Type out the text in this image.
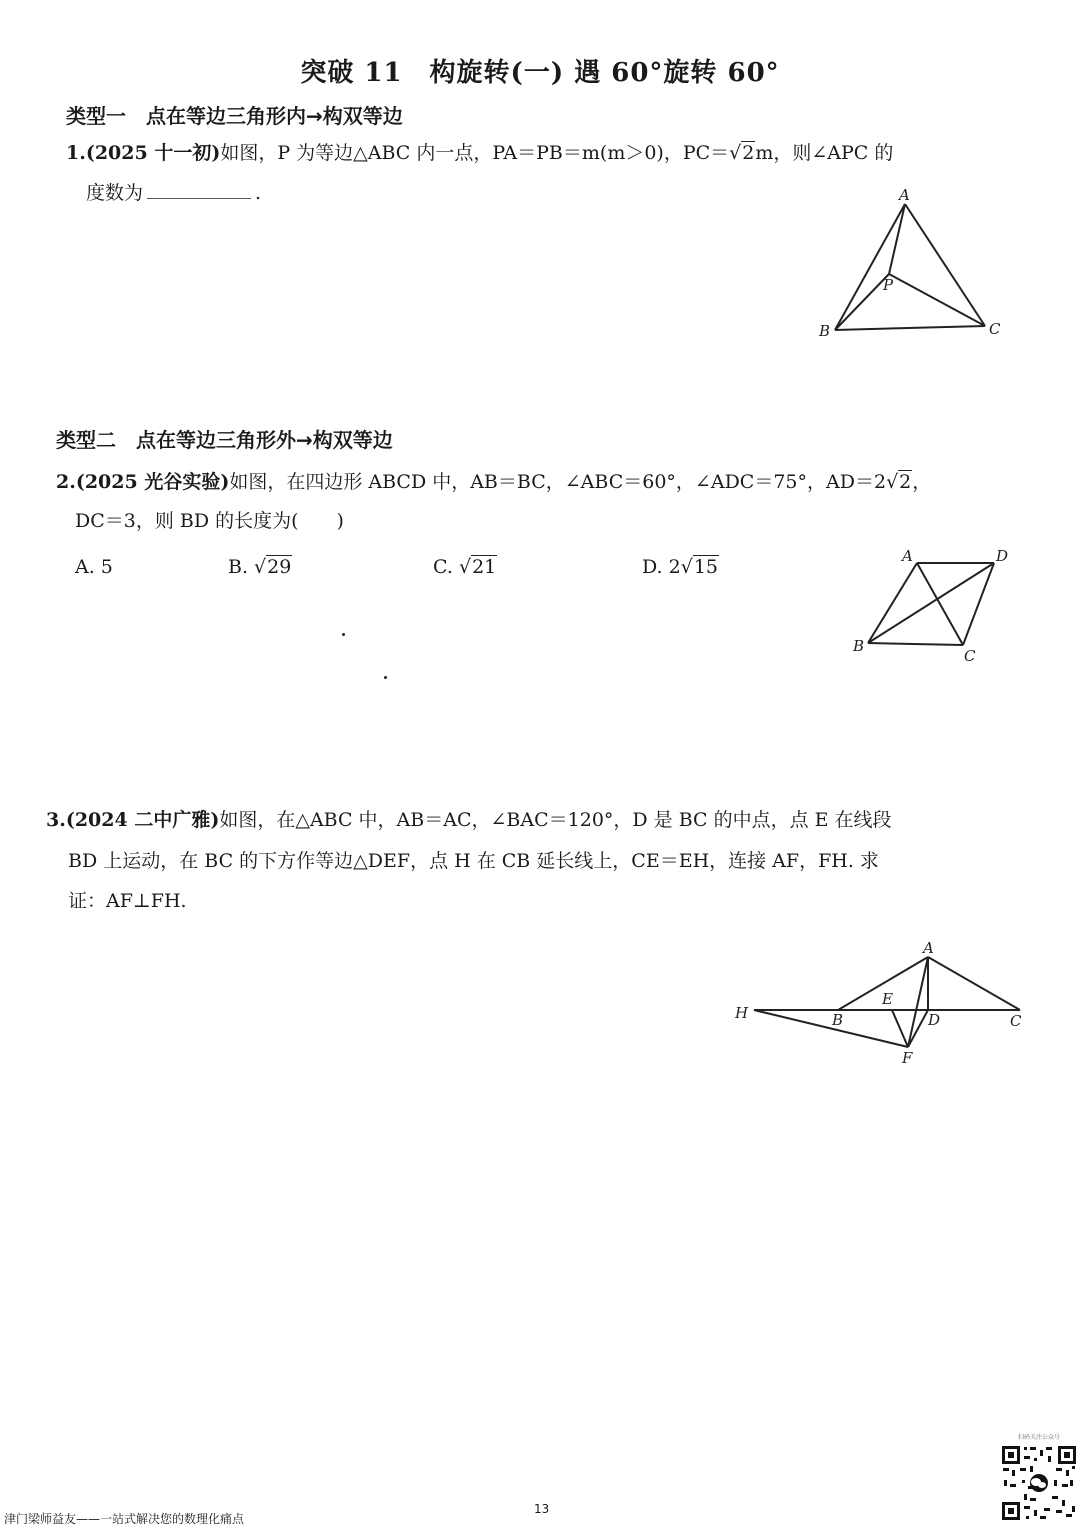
突破 11　构旋转(一) 遇 60°旋转 60°
类型一　点在等边三角形内→构双等边
1.(2025 十一初)如图，P 为等边△ABC 内一点，PA＝PB＝m(m＞0)，PC＝√2m，则∠APC 的
度数为	.	A
B	C
P
类型二　点在等边三角形外→构双等边
2.(2025 光谷实验)如图，在四边形 ABCD 中，AB＝BC，∠ABC＝60°，∠ADC＝75°，AD＝2√2，
DC＝3，则 BD 的长度为(　　)
A. 5	B. √29	C. √21	D. 2√15	A	D
B
C
3.(2024 二中广雅)如图，在△ABC 中，AB＝AC，∠BAC＝120°，D 是 BC 的中点，点 E 在线段
BD 上运动，在 BC 的下方作等边△DEF，点 H 在 CB 延长线上，CE＝EH，连接 AF，FH. 求
证：AF⊥FH.
A
H	B
E
D	C
F
13
津门梁师益友——一站式解决您的数理化痛点
扫码关注公众号
